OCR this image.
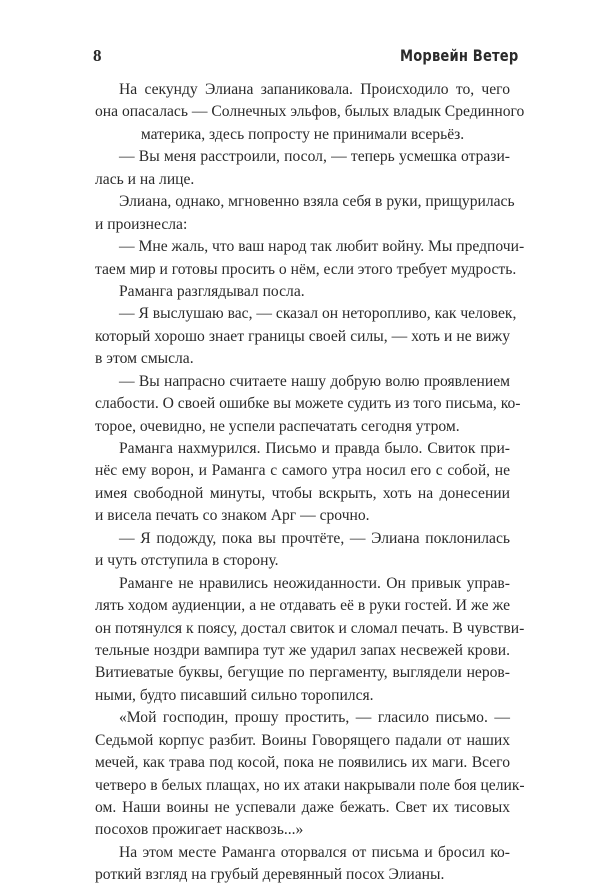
8	Морвейн Ветер
На секунду Элиана запаниковала. Происходило то, чего
она опасалась — Солнечных эльфов, былых владык Срединного
материка, здесь попросту не принимали всерьёз.
— Вы меня расстроили, посол, — теперь усмешка отрази-
лась и на лице.
Элиана, однако, мгновенно взяла себя в руки, прищурилась
и произнесла:
— Мне жаль, что ваш народ так любит войну. Мы предпочи-
таем мир и готовы просить о нём, если этого требует мудрость.
Раманга разглядывал посла.
— Я выслушаю вас, — сказал он неторопливо, как человек,
который хорошо знает границы своей силы, — хоть и не вижу
в этом смысла.
— Вы напрасно считаете нашу добрую волю проявлением
слабости. О своей ошибке вы можете судить из того письма, ко-
торое, очевидно, не успели распечатать сегодня утром.
Раманга нахмурился. Письмо и правда было. Свиток при-
нёс ему ворон, и Раманга с самого утра носил его с собой, не
имея свободной минуты, чтобы вскрыть, хоть на донесении
и висела печать со знаком Арг — срочно.
— Я подожду, пока вы прочтёте, — Элиана поклонилась
и чуть отступила в сторону.
Рамангe не нравились неожиданности. Он привык управ-
лять ходом аудиенции, а не отдавать её в руки гостей. И же же
он потянулся к поясу, достал свиток и сломал печать. В чувстви-
тельные ноздри вампира тут же ударил запах несвежей крови.
Витиеватые буквы, бегущие по пергаменту, выглядели неров-
ными, будто писавший сильно торопился.
«Мой господин, прошу простить, — гласило письмо. —
Седьмой корпус разбит. Воины Говорящего падали от наших
мечей, как трава под косой, пока не появились их маги. Всего
четверо в белых плащах, но их атаки накрывали поле боя целик-
ом. Наши воины не успевали даже бежать. Свет их тисовых
посохов прожигает насквозь...»
На этом месте Раманга оторвался от письма и бросил ко-
роткий взгляд на грубый деревянный посох Элианы.
